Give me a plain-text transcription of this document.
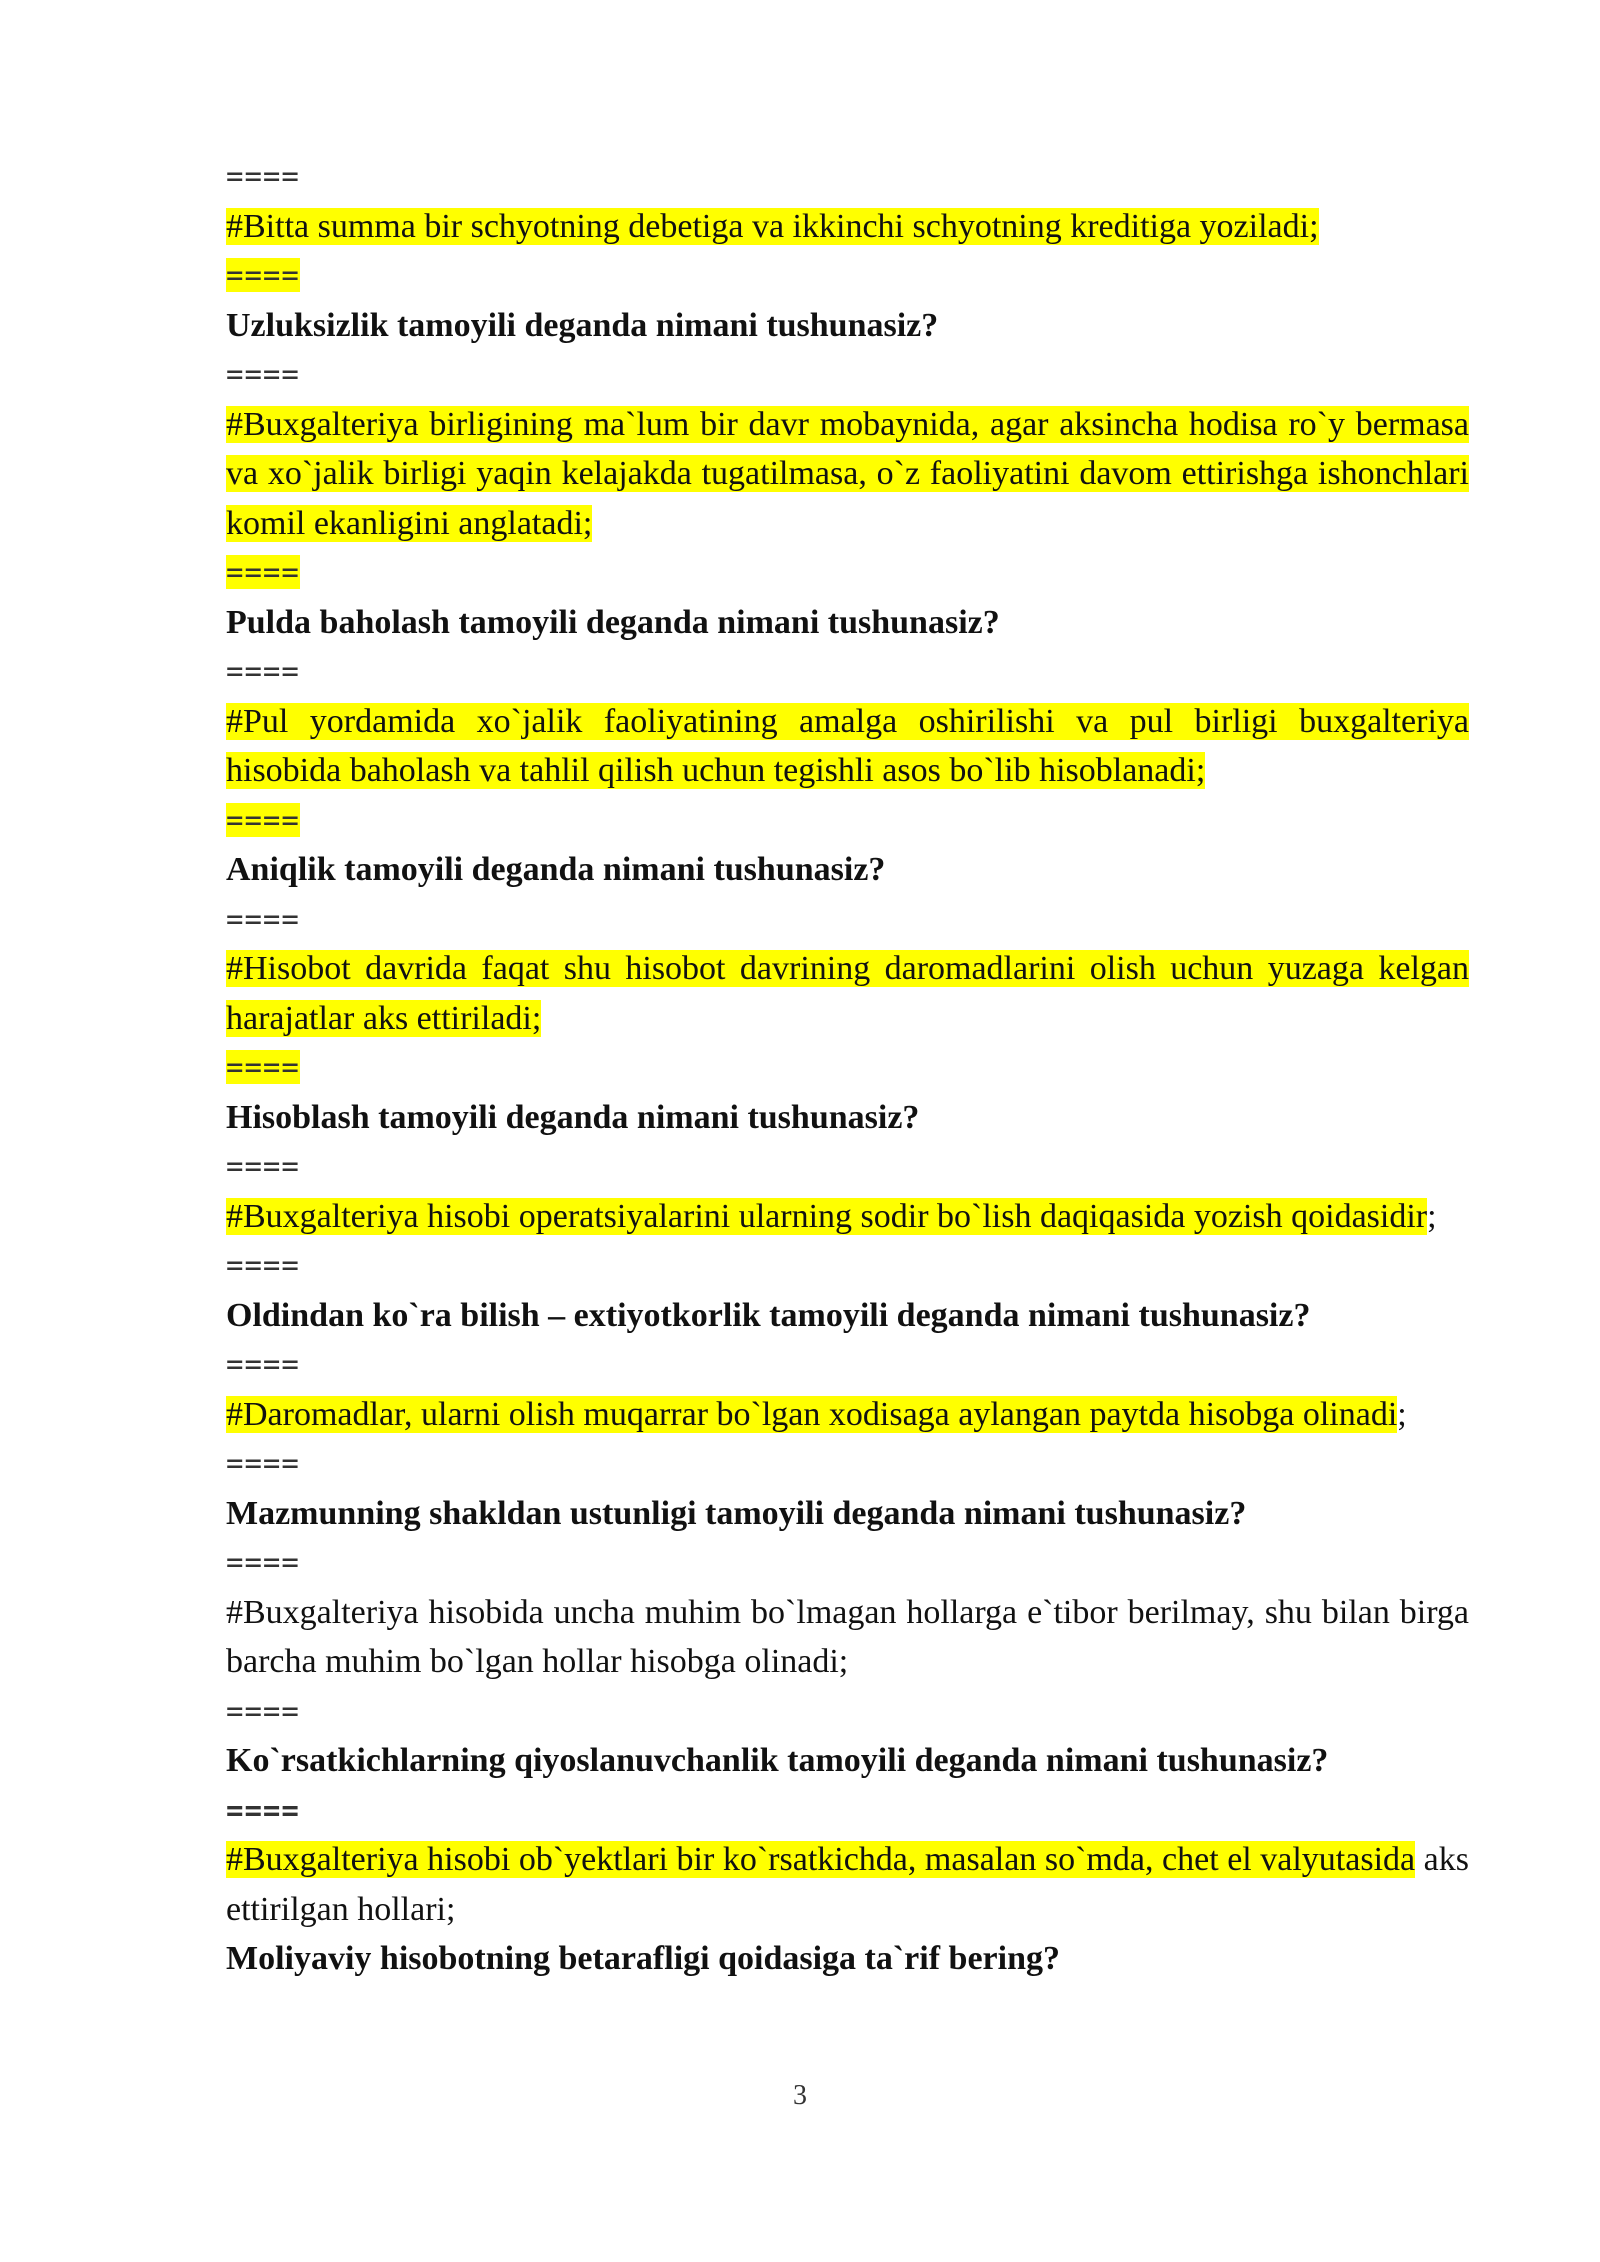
====

#Bitta summa bir schyotning debetiga va ikkinchi schyotning kreditiga yoziladi;

====

Uzluksizlik tamoyili deganda nimani tushunasiz?

====

#Buxgalteriya birligining ma`lum bir davr mobaynida, agar aksincha hodisa ro`y bermasa va xo`jalik birligi yaqin kelajakda tugatilmasa, o`z faoliyatini davom ettirishga ishonchlari komil ekanligini anglatadi;

====

Pulda baholash tamoyili deganda nimani tushunasiz?

====

#Pul yordamida xo`jalik faoliyatining amalga oshirilishi va pul birligi buxgalteriya hisobida baholash va tahlil qilish uchun tegishli asos bo`lib hisoblanadi;

====

Aniqlik tamoyili deganda nimani tushunasiz?

====

#Hisobot davrida faqat shu hisobot davrining daromadlarini olish uchun yuzaga kelgan harajatlar aks ettiriladi;

====

Hisoblash tamoyili deganda nimani tushunasiz?

====

#Buxgalteriya hisobi operatsiyalarini ularning sodir bo`lish daqiqasida yozish qoidasidir;

====

Oldindan ko`ra bilish – extiyotkorlik tamoyili deganda nimani tushunasiz?

====

#Daromadlar, ularni olish muqarrar bo`lgan xodisaga aylangan paytda hisobga olinadi;

====

Mazmunning shakldan ustunligi tamoyili deganda nimani tushunasiz?

====

#Buxgalteriya hisobida uncha muhim bo`lmagan hollarga e`tibor berilmay, shu bilan birga barcha muhim bo`lgan hollar hisobga olinadi;

====

Ko`rsatkichlarning qiyoslanuvchanlik tamoyili deganda nimani tushunasiz?

====

#Buxgalteriya hisobi ob`yektlari bir ko`rsatkichda, masalan so`mda, chet el valyutasida aks ettirilgan hollari;

Moliyaviy hisobotning betarafligi qoidasiga ta`rif bering?

3
